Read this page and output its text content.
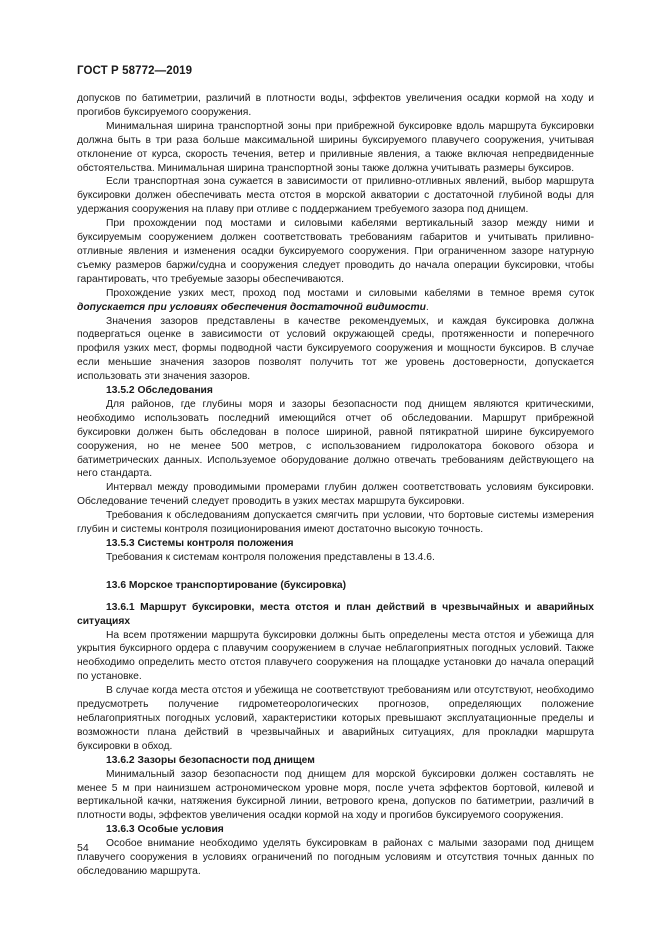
ГОСТ Р 58772—2019

допусков по батиметрии, различий в плотности воды, эффектов увеличения осадки кормой на ходу и прогибов буксируемого сооружения.

Минимальная ширина транспортной зоны при прибрежной буксировке вдоль маршрута буксировки должна быть в три раза больше максимальной ширины буксируемого плавучего сооружения, учитывая отклонение от курса, скорость течения, ветер и приливные явления, а также включая непредвиденные обстоятельства. Минимальная ширина транспортной зоны также должна учитывать размеры буксиров.

Если транспортная зона сужается в зависимости от приливно-отливных явлений, выбор маршрута буксировки должен обеспечивать места отстоя в морской акватории с достаточной глубиной воды для удержания сооружения на плаву при отливе с поддержанием требуемого зазора под днищем.

При прохождении под мостами и силовыми кабелями вертикальный зазор между ними и буксируемым сооружением должен соответствовать требованиям габаритов и учитывать приливно-отливные явления и изменения осадки буксируемого сооружения. При ограниченном зазоре натурную съемку размеров баржи/судна и сооружения следует проводить до начала операции буксировки, чтобы гарантировать, что требуемые зазоры обеспечиваются.

Прохождение узких мест, проход под мостами и силовыми кабелями в темное время суток допускается при условиях обеспечения достаточной видимости.

Значения зазоров представлены в качестве рекомендуемых, и каждая буксировка должна подвергаться оценке в зависимости от условий окружающей среды, протяженности и поперечного профиля узких мест, формы подводной части буксируемого сооружения и мощности буксиров. В случае если меньшие значения зазоров позволят получить тот же уровень достоверности, допускается использовать эти значения зазоров.

13.5.2 Обследования

Для районов, где глубины моря и зазоры безопасности под днищем являются критическими, необходимо использовать последний имеющийся отчет об обследовании. Маршрут прибрежной буксировки должен быть обследован в полосе шириной, равной пятикратной ширине буксируемого сооружения, но не менее 500 метров, с использованием гидролокатора бокового обзора и батиметрических данных. Используемое оборудование должно отвечать требованиям действующего на него стандарта.

Интервал между проводимыми промерами глубин должен соответствовать условиям буксировки. Обследование течений следует проводить в узких местах маршрута буксировки.

Требования к обследованиям допускается смягчить при условии, что бортовые системы измерения глубин и системы контроля позиционирования имеют достаточно высокую точность.

13.5.3 Системы контроля положения

Требования к системам контроля положения представлены в 13.4.6.

13.6 Морское транспортирование (буксировка)

13.6.1 Маршрут буксировки, места отстоя и план действий в чрезвычайных и аварийных ситуациях

На всем протяжении маршрута буксировки должны быть определены места отстоя и убежища для укрытия буксирного ордера с плавучим сооружением в случае неблагоприятных погодных условий. Также необходимо определить место отстоя плавучего сооружения на площадке установки до начала операций по установке.

В случае когда места отстоя и убежища не соответствуют требованиям или отсутствуют, необходимо предусмотреть получение гидрометеорологических прогнозов, определяющих положение неблагоприятных погодных условий, характеристики которых превышают эксплуатационные пределы и возможности плана действий в чрезвычайных и аварийных ситуациях, для прокладки маршрута буксировки в обход.

13.6.2 Зазоры безопасности под днищем

Минимальный зазор безопасности под днищем для морской буксировки должен составлять не менее 5 м при наинизшем астрономическом уровне моря, после учета эффектов бортовой, килевой и вертикальной качки, натяжения буксирной линии, ветрового крена, допусков по батиметрии, различий в плотности воды, эффектов увеличения осадки кормой на ходу и прогибов буксируемого сооружения.

13.6.3 Особые условия

Особое внимание необходимо уделять буксировкам в районах с малыми зазорами под днищем плавучего сооружения в условиях ограничений по погодным условиям и отсутствия точных данных по обследованию маршрута.

54
